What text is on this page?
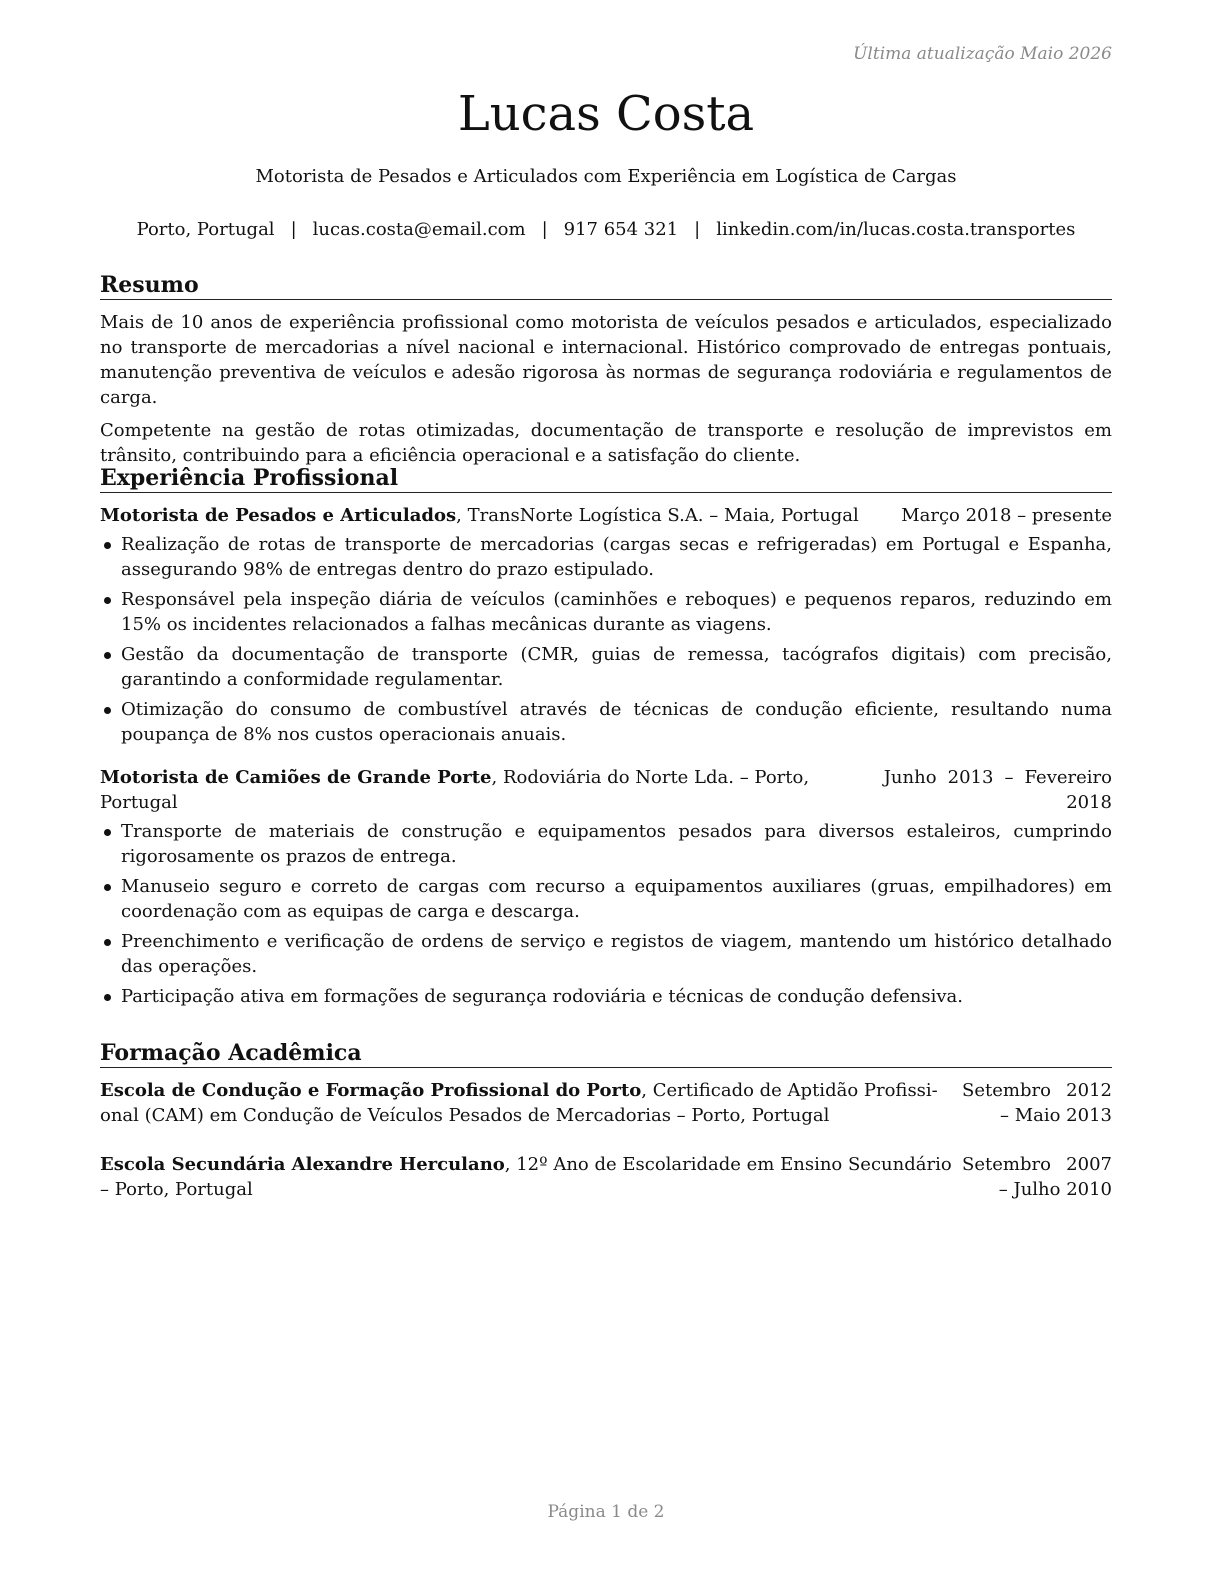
Última atualização Maio 2026
Lucas Costa
Motorista de Pesados e Articulados com Experiência em Logística de Cargas
Porto, Portugal | lucas.costa@email.com | 917 654 321 | linkedin.com/in/lucas.costa.transportes
Resumo

Mais de 10 anos de experiência profissional como motorista de veículos pesados e articulados, especializado no transporte de mercadorias a nível nacional e internacional. Histórico comprovado de entregas pontuais, manutenção preventiva de veículos e adesão rigorosa às normas de segurança rodoviária e regulamentos de carga.

Competente na gestão de rotas otimizadas, documentação de transporte e resolução de imprevistos em trânsito, contribuindo para a eficiência operacional e a satisfação do cliente.

Experiência Profissional
Motorista de Pesados e Articulados, TransNorte Logística S.A. – Maia, Portugal	Março 2018 – presente
Realização de rotas de transporte de mercadorias (cargas secas e refrigeradas) em Portugal e Espanha, assegurando 98% de entregas dentro do prazo estipulado.
Responsável pela inspeção diária de veículos (caminhões e reboques) e pequenos reparos, reduzindo em 15% os incidentes relacionados a falhas mecânicas durante as viagens.
Gestão da documentação de transporte (CMR, guias de remessa, tacógrafos digitais) com precisão, garantindo a conformidade regulamentar.
Otimização do consumo de combustível através de técnicas de condução eficiente, resultando numa poupança de 8% nos custos operacionais anuais.
Motorista de Camiões de Grande Porte, Rodoviária do Norte Lda. – Porto, Portugal
Junho 2013 – Fevereiro 2018
Transporte de materiais de construção e equipamentos pesados para diversos estaleiros, cumprindo rigorosamente os prazos de entrega.
Manuseio seguro e correto de cargas com recurso a equipamentos auxiliares (gruas, empilhadores) em coordenação com as equipas de carga e descarga.
Preenchimento e verificação de ordens de serviço e registos de viagem, mantendo um histórico detalhado das operações.
Participação ativa em formações de segurança rodoviária e técnicas de condução defensiva.
Formação Acadêmica
Escola de Condução e Formação Profissional do Porto, Certificado de Aptidão Profissi- onal (CAM) em Condução de Veículos Pesados de Mercadorias – Porto, Portugal
Setembro 2012 – Maio 2013
Escola Secundária Alexandre Herculano, 12º Ano de Escolaridade em Ensino Secundário – Porto, Portugal
Setembro 2007 – Julho 2010
Página 1 de 2
